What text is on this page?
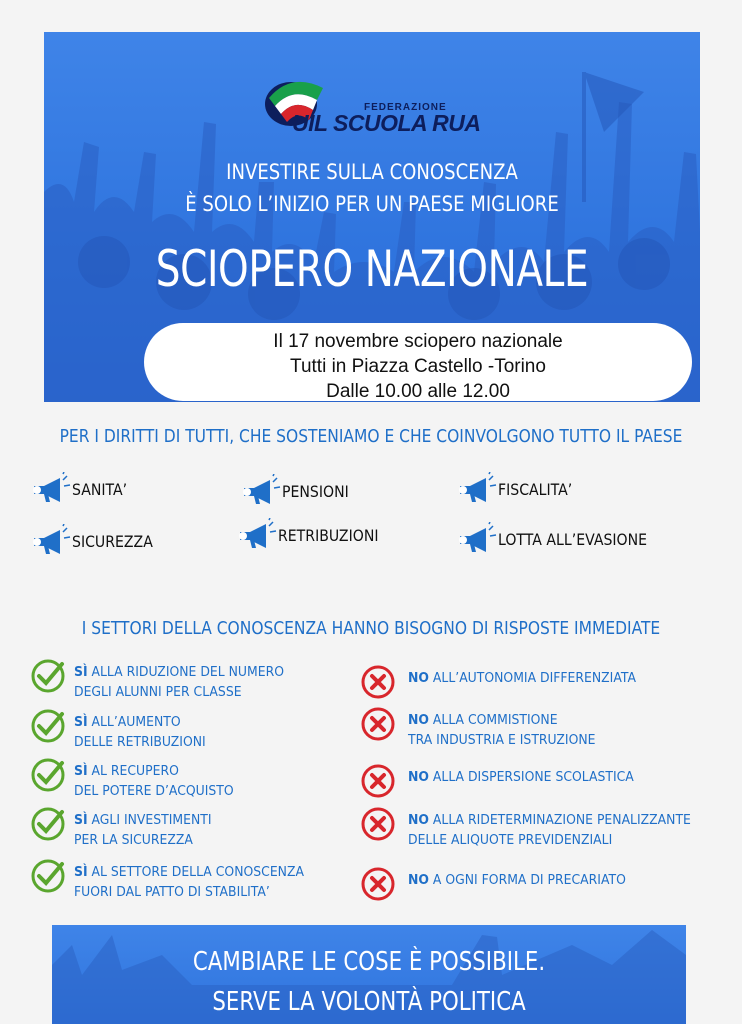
FEDERAZIONE
UIL SCUOLA RUA
INVESTIRE SULLA CONOSCENZA
È SOLO L’INIZIO PER UN PAESE MIGLIORE
SCIOPERO NAZIONALE
Il 17 novembre sciopero nazionale
Tutti in Piazza Castello -Torino
Dalle 10.00 alle 12.00
PER I DIRITTI DI TUTTI, CHE SOSTENIAMO E CHE COINVOLGONO TUTTO IL PAESE
SANITA’	PENSIONI	FISCALITA’
SICUREZZA	RETRIBUZIONI	LOTTA ALL’EVASIONE
I SETTORI DELLA CONOSCENZA HANNO BISOGNO DI RISPOSTE IMMEDIATE
SÌ ALLA RIDUZIONE DEL NUMERO
DEGLI ALUNNI PER CLASSE
SÌ ALL’AUMENTO
DELLE RETRIBUZIONI
SÌ AL RECUPERO
DEL POTERE D’ACQUISTO
SÌ AGLI INVESTIMENTI
PER LA SICUREZZA
SÌ AL SETTORE DELLA CONOSCENZA
FUORI DAL PATTO DI STABILITA’
NO ALL’AUTONOMIA DIFFERENZIATA
NO ALLA COMMISTIONE
TRA INDUSTRIA E ISTRUZIONE
NO ALLA DISPERSIONE SCOLASTICA
NO ALLA RIDETERMINAZIONE PENALIZZANTE
DELLE ALIQUOTE PREVIDENZIALI
NO A OGNI FORMA DI PRECARIATO
CAMBIARE LE COSE È POSSIBILE.
SERVE LA VOLONTÀ POLITICA
